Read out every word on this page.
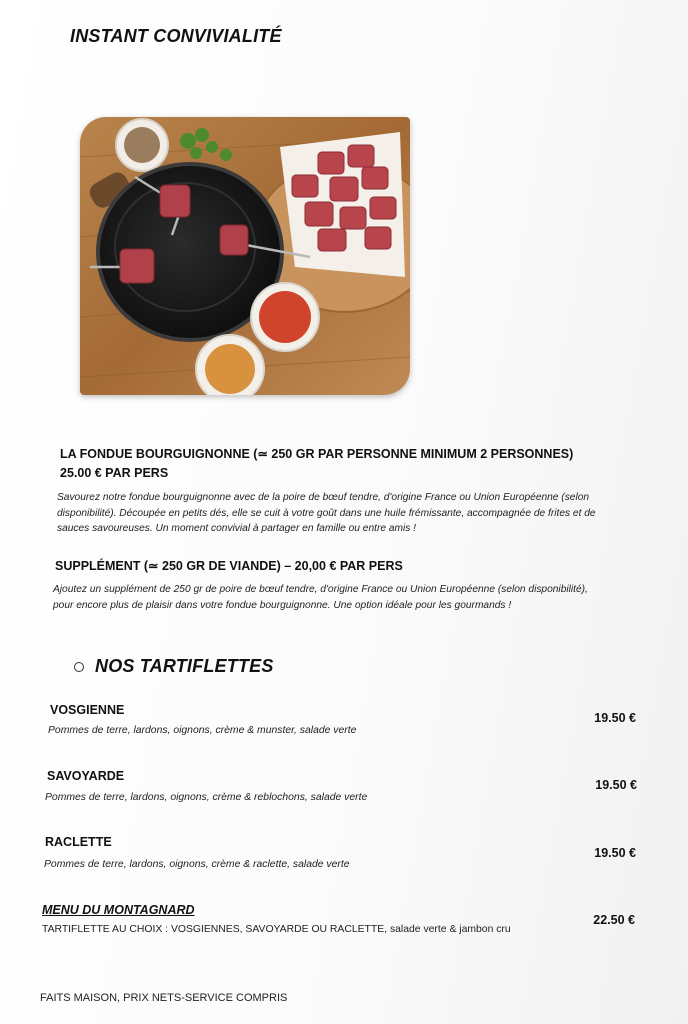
INSTANT CONVIVIALITÉ
LA FONDUE BOURGUIGNONNE (≃ 250 GR PAR PERSONNE MINIMUM 2 PERSONNES)
25.00 € PAR PERS
Savourez notre fondue bourguignonne avec de la poire de bœuf tendre, d'origine France ou Union Européenne (selon
disponibilité). Découpée en petits dés, elle se cuit à votre goût dans une huile frémissante, accompagnée de frites et de
sauces savoureuses. Un moment convivial à partager en famille ou entre amis !
SUPPLÉMENT (≃ 250 GR DE VIANDE) – 20,00 € PAR PERS
Ajoutez un supplément de 250 gr de poire de bœuf tendre, d'origine France ou Union Européenne (selon disponibilité),
pour encore plus de plaisir dans votre fondue bourguignonne. Une option idéale pour les gourmands !
NOS TARTIFLETTES
VOSGIENNE
Pommes de terre, lardons, oignons, crème & munster, salade verte
19.50 €
SAVOYARDE
Pommes de terre, lardons, oignons, crème & reblochons, salade verte
19.50 €
RACLETTE
Pommes de terre, lardons, oignons, crème & raclette, salade verte
19.50 €
MENU DU MONTAGNARD
TARTIFLETTE AU CHOIX : VOSGIENNES, SAVOYARDE OU RACLETTE, salade verte & jambon cru
22.50 €
FAITS MAISON, PRIX NETS-SERVICE COMPRIS
